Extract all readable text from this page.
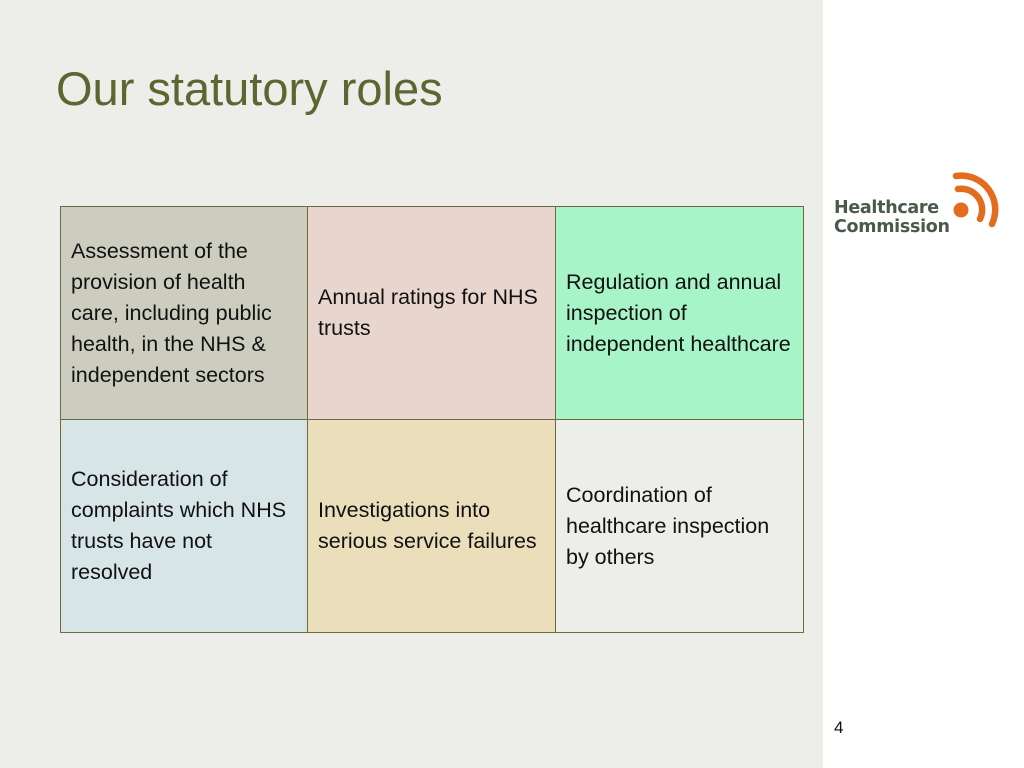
Our statutory roles
Assessment of the provision of health care, including public health, in the NHS & independent sectors	Annual ratings for NHS trusts	Regulation and annual inspection of independent healthcare
Consideration of complaints which NHS trusts have not resolved	Investigations into serious service failures	Coordination of healthcare inspection by others
Healthcare
Commission
4
